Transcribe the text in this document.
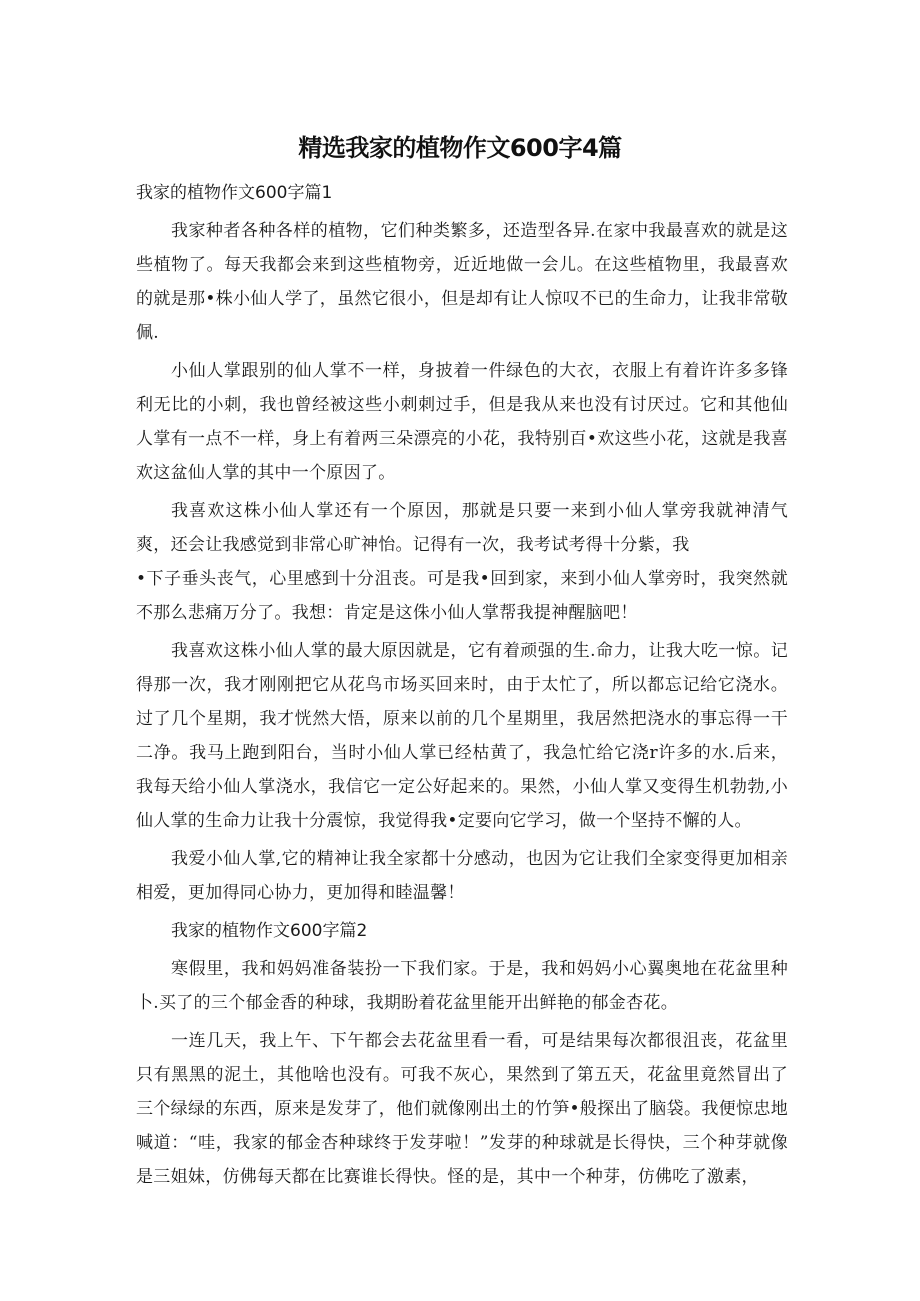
精选我家的植物作文600字4篇

我家的植物作文600字篇1

我家种者各种各样的植物，它们种类繁多，还造型各异.在家中我最喜欢的就是这些植物了。每天我都会来到这些植物旁，近近地做一会儿。在这些植物里，我最喜欢的就是那•株小仙人学了，虽然它很小，但是却有让人惊叹不已的生命力，让我非常敬佩.

小仙人掌跟别的仙人掌不一样，身披着一件绿色的大衣，衣服上有着许许多多锋利无比的小刺，我也曾经被这些小刺刺过手，但是我从来也没有讨厌过。它和其他仙人掌有一点不一样，身上有着两三朵漂亮的小花，我特别百•欢这些小花，这就是我喜欢这盆仙人掌的其中一个原因了。

我喜欢这株小仙人掌还有一个原因，那就是只要一来到小仙人掌旁我就神清气爽，还会让我感觉到非常心旷神怡。记得有一次，我考试考得十分紫，我

•下子垂头丧气，心里感到十分沮丧。可是我•回到家，来到小仙人掌旁时，我突然就不那么悲痛万分了。我想：肯定是这侏小仙人掌帮我提神醒脑吧！

我喜欢这株小仙人掌的最大原因就是，它有着顽强的生.命力，让我大吃一惊。记得那一次，我才刚刚把它从花鸟市场买回来时，由于太忙了，所以都忘记给它浇水。过了几个星期，我才恍然大悟，原来以前的几个星期里，我居然把浇水的事忘得一干二净。我马上跑到阳台，当时小仙人掌已经枯黄了，我急忙给它浇r许多的水.后来，我每天给小仙人掌浇水，我信它一定公好起来的。果然，小仙人掌又变得生机勃勃,小仙人掌的生命力让我十分震惊，我觉得我•定要向它学习，做一个坚持不懈的人。

我爱小仙人掌,它的精神让我全家都十分感动，也因为它让我们全家变得更加相亲相爱，更加得同心协力，更加得和睦温馨！

我家的植物作文600字篇2

寒假里，我和妈妈准备装扮一下我们家。于是，我和妈妈小心翼奥地在花盆里种卜.买了的三个郁金香的种球，我期盼着花盆里能开出鲜艳的郁金杏花。

一连几天，我上午、下午都会去花盆里看一看，可是结果每次都很沮丧，花盆里只有黑黑的泥土，其他啥也没有。可我不灰心，果然到了第五天，花盆里竟然冒出了三个绿绿的东西，原来是发芽了，他们就像刚出土的竹笋•般探出了脑袋。我便惊忠地喊道：“哇，我家的郁金杏种球终于发芽啦！”发芽的种球就是长得快，三个种芽就像是三姐妹，仿佛每天都在比赛谁长得快。怪的是，其中一个种芽，仿佛吃了激素，
